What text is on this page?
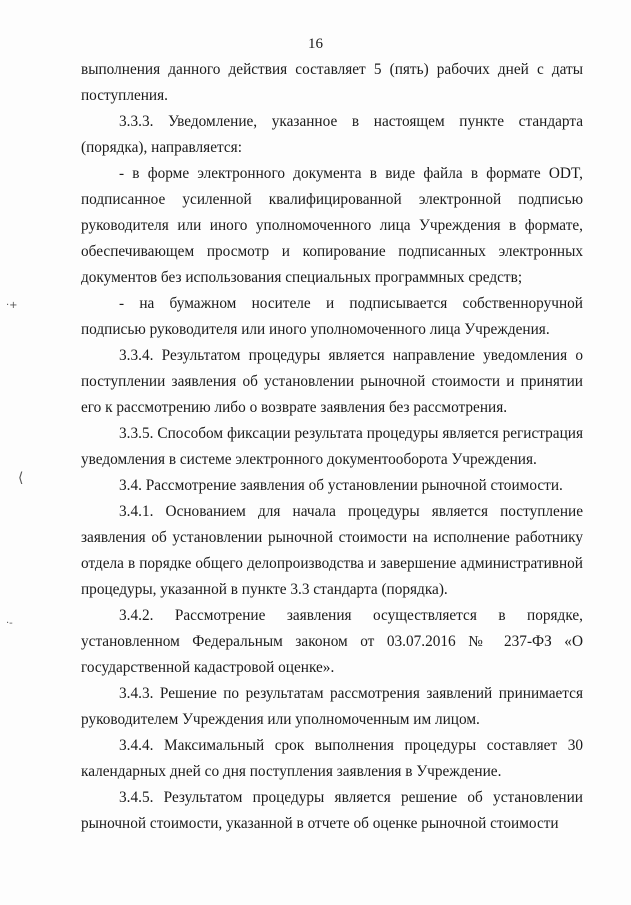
16
·+
⟨
·-

выполнения данного действия составляет 5 (пять) рабочих дней с даты поступления.

3.3.3. Уведомление, указанное в настоящем пункте стандарта (порядка), направляется:

- в форме электронного документа в виде файла в формате ODT, подписанное усиленной квалифицированной электронной подписью руководителя или иного уполномоченного лица Учреждения в формате, обеспечивающем просмотр и копирование подписанных электронных документов без использования специальных программных средств;

- на бумажном носителе и подписывается собственноручной подписью руководителя или иного уполномоченного лица Учреждения.

3.3.4. Результатом процедуры является направление уведомления о поступлении заявления об установлении рыночной стоимости и принятии его к рассмотрению либо о возврате заявления без рассмотрения.

3.3.5. Способом фиксации результата процедуры является регистрация уведомления в системе электронного документооборота Учреждения.

3.4. Рассмотрение заявления об установлении рыночной стоимости.

3.4.1. Основанием для начала процедуры является поступление заявления об установлении рыночной стоимости на исполнение работнику отдела в порядке общего делопроизводства и завершение административной процедуры, указанной в пункте 3.3 стандарта (порядка).

3.4.2. Рассмотрение заявления осуществляется в порядке, установленном Федеральным законом от 03.07.2016 № 237-ФЗ «О государственной кадастровой оценке».

3.4.3. Решение по результатам рассмотрения заявлений принимается руководителем Учреждения или уполномоченным им лицом.

3.4.4. Максимальный срок выполнения процедуры составляет 30 календарных дней со дня поступления заявления в Учреждение.

3.4.5. Результатом процедуры является решение об установлении рыночной стоимости, указанной в отчете об оценке рыночной стоимости
